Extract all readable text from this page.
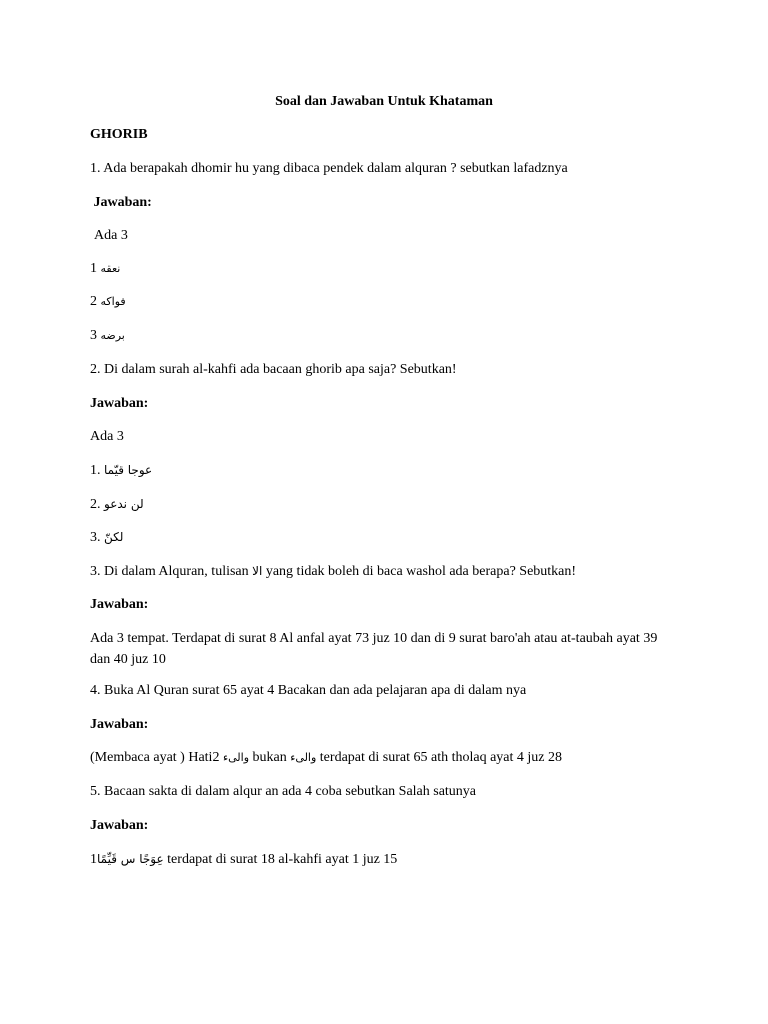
Soal dan Jawaban Untuk Khataman
GHORIB
1. Ada berapakah dhomir hu yang dibaca pendek dalam alquran ? sebutkan lafadznya
Jawaban:
Ada 3
1 نعقه
2 فواكه
3 برضه
2. Di dalam surah al-kahfi ada bacaan ghorib apa saja? Sebutkan!
Jawaban:
Ada 3
1. عوجا قيّما
2. لن ندعو
3. لكنّ
3. Di dalam Alquran, tulisan الا yang tidak boleh di baca washol ada berapa? Sebutkan!
Jawaban:
Ada 3 tempat. Terdapat di surat 8 Al anfal ayat 73 juz 10 dan di 9 surat baro'ah atau at-taubah ayat 39 dan 40 juz 10
4. Buka Al Quran surat 65 ayat 4 Bacakan dan ada pelajaran apa di dalam nya
Jawaban:
(Membaca ayat ) Hati2 والىء bukan والىء terdapat di surat 65 ath tholaq ayat 4 juz 28
5. Bacaan sakta di dalam alqur an ada 4 coba sebutkan Salah satunya
Jawaban:
1عِوَجًا س قَيِّمًا terdapat di surat 18 al-kahfi ayat 1 juz 15
